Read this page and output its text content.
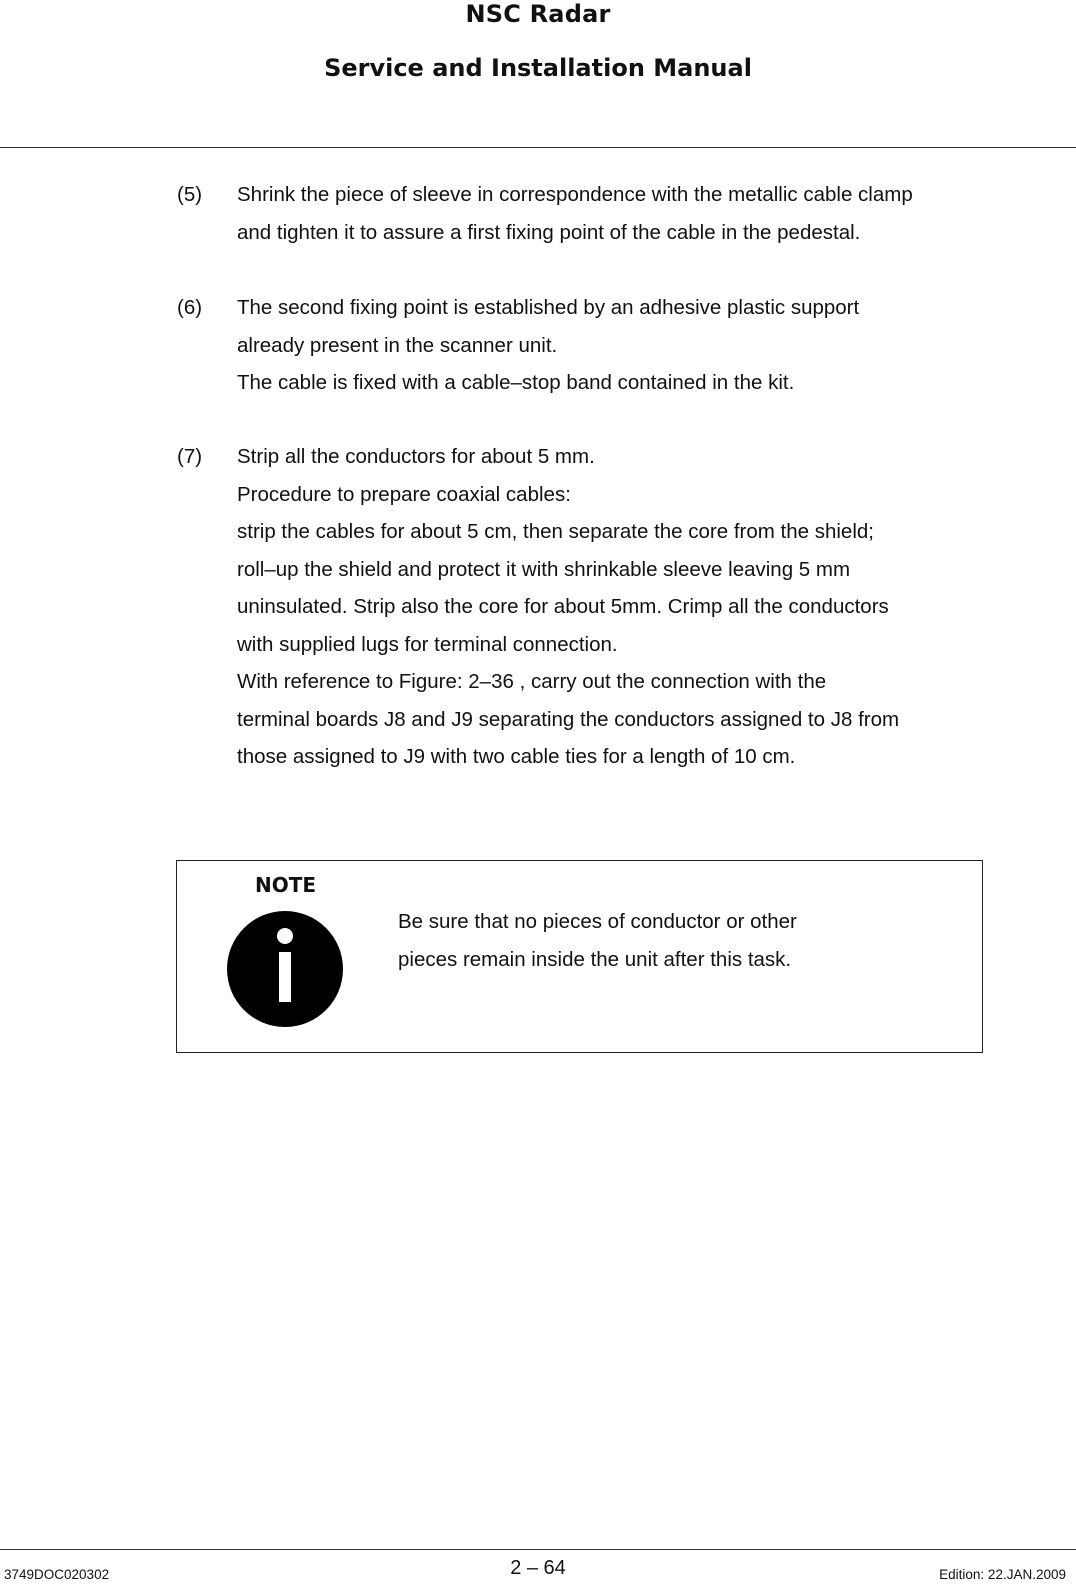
NSC Radar
Service and Installation Manual
(5) Shrink the piece of sleeve in correspondence with the metallic cable clamp
and tighten it to assure a first fixing point of the cable in the pedestal.
(6) The second fixing point is established by an adhesive plastic support
already present in the scanner unit.
The cable is fixed with a cable–stop band contained in the kit.
(7) Strip all the conductors for about 5 mm.
Procedure to prepare coaxial cables:
strip the cables for about 5 cm, then separate the core from the shield;
roll–up the shield and protect it with shrinkable sleeve leaving 5 mm
uninsulated. Strip also the core for about 5mm. Crimp all the conductors
with supplied lugs for terminal connection.
With reference to Figure: 2–36 , carry out the connection with the
terminal boards J8 and J9 separating the conductors assigned to J8 from
those assigned to J9 with two cable ties for a length of 10 cm.
NOTE
Be sure that no pieces of conductor or other
pieces remain inside the unit after this task.
3749DOC020302	2 – 64	Edition: 22.JAN.2009
